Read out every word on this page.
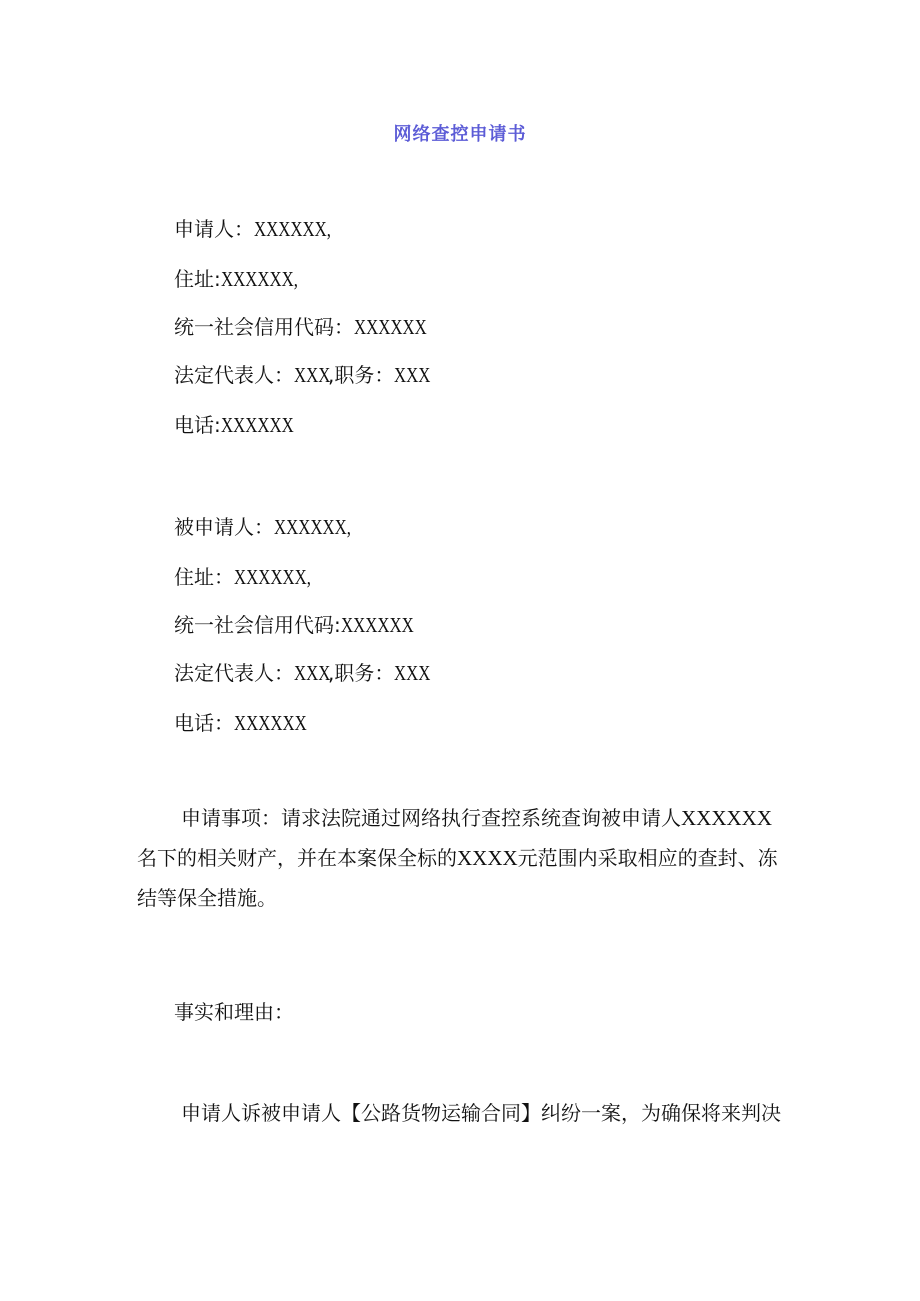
网络查控申请书
申请人：XXXXXX,
住址:XXXXXX,
统一社会信用代码：XXXXXX
法定代表人：XXX,职务：XXX
电话:XXXXXX
被申请人：XXXXXX,
住址：XXXXXX,
统一社会信用代码:XXXXXX
法定代表人：XXX,职务：XXX
电话：XXXXXX
申请事项：请求法院通过网络执行查控系统查询被申请人XXXXXX名下的相关财产，并在本案保全标的XXXX元范围内采取相应的查封、冻结等保全措施。
事实和理由：
申请人诉被申请人【公路货物运输合同】纠纷一案，为确保将来判决
